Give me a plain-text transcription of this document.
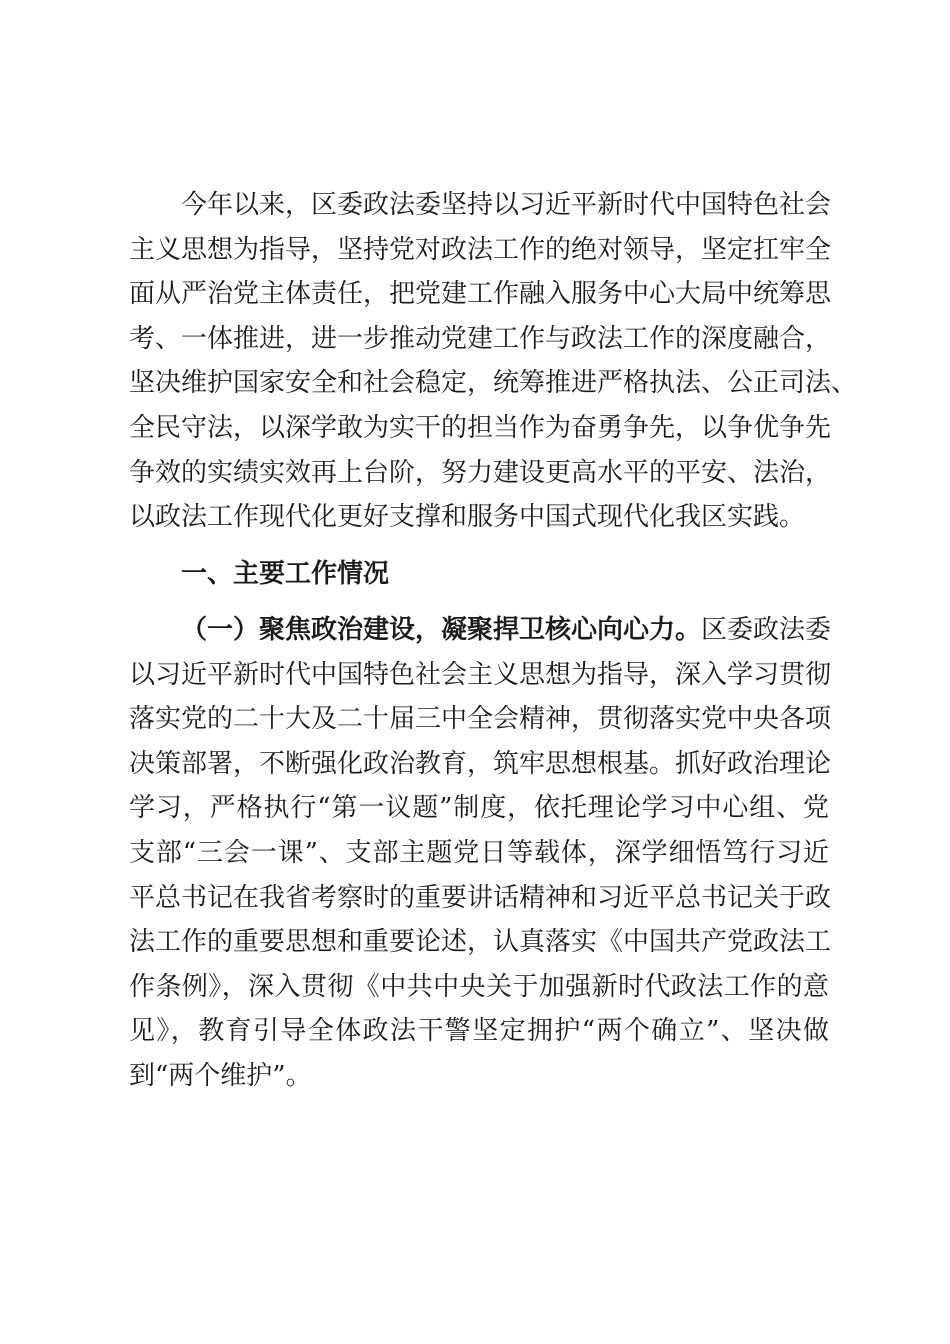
今年以来，区委政法委坚持以习近平新时代中国特色社会
主义思想为指导，坚持党对政法工作的绝对领导，坚定扛牢全
面从严治党主体责任，把党建工作融入服务中心大局中统筹思
考、一体推进，进一步推动党建工作与政法工作的深度融合，
坚决维护国家安全和社会稳定，统筹推进严格执法、公正司法、
全民守法，以深学敢为实干的担当作为奋勇争先，以争优争先
争效的实绩实效再上台阶，努力建设更高水平的平安、法治，
以政法工作现代化更好支撑和服务中国式现代化我区实践。
一、主要工作情况
（一）聚焦政治建设，凝聚捍卫核心向心力。区委政法委
以习近平新时代中国特色社会主义思想为指导，深入学习贯彻
落实党的二十大及二十届三中全会精神，贯彻落实党中央各项
决策部署，不断强化政治教育，筑牢思想根基。抓好政治理论
学习，严格执行“第一议题”制度，依托理论学习中心组、党
支部“三会一课”、支部主题党日等载体，深学细悟笃行习近
平总书记在我省考察时的重要讲话精神和习近平总书记关于政
法工作的重要思想和重要论述，认真落实《中国共产党政法工
作条例》，深入贯彻《中共中央关于加强新时代政法工作的意
见》，教育引导全体政法干警坚定拥护“两个确立”、坚决做
到“两个维护”。
